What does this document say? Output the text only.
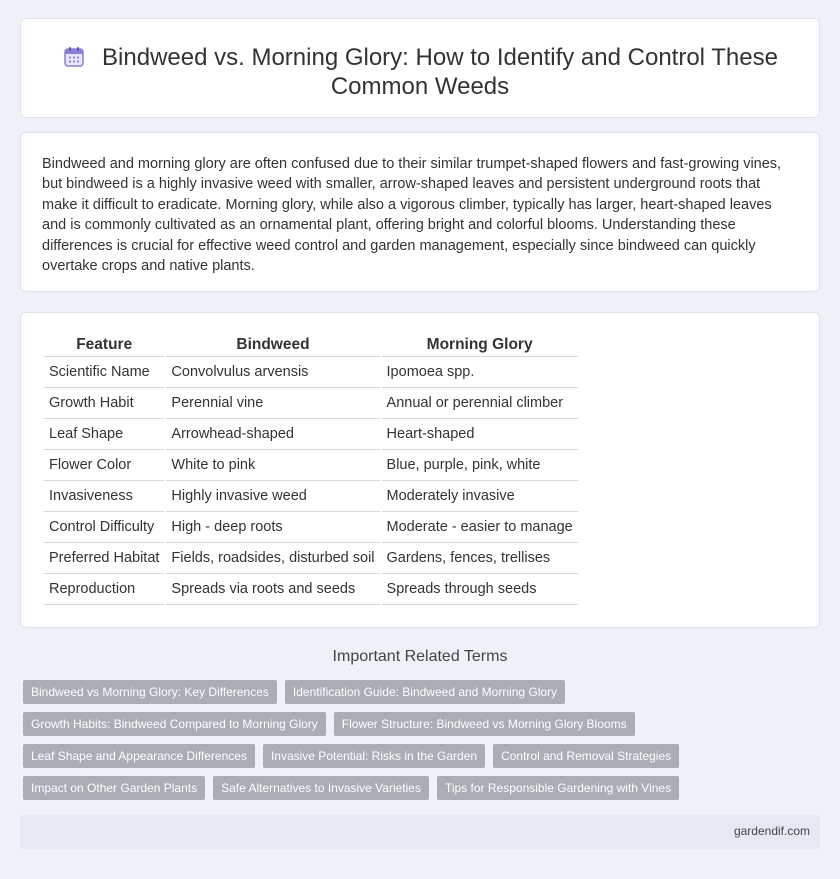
Bindweed vs. Morning Glory: How to Identify and Control These Common Weeds

Bindweed and morning glory are often confused due to their similar trumpet-shaped flowers and fast-growing vines, but bindweed is a highly invasive weed with smaller, arrow-shaped leaves and persistent underground roots that make it difficult to eradicate. Morning glory, while also a vigorous climber, typically has larger, heart-shaped leaves and is commonly cultivated as an ornamental plant, offering bright and colorful blooms. Understanding these differences is crucial for effective weed control and garden management, especially since bindweed can quickly overtake crops and native plants.

Feature	Bindweed	Morning Glory
Scientific Name	Convolvulus arvensis	Ipomoea spp.
Growth Habit	Perennial vine	Annual or perennial climber
Leaf Shape	Arrowhead-shaped	Heart-shaped
Flower Color	White to pink	Blue, purple, pink, white
Invasiveness	Highly invasive weed	Moderately invasive
Control Difficulty	High - deep roots	Moderate - easier to manage
Preferred Habitat	Fields, roadsides, disturbed soil	Gardens, fences, trellises
Reproduction	Spreads via roots and seeds	Spreads through seeds
Important Related Terms
Bindweed vs Morning Glory: Key Differences	Identification Guide: Bindweed and Morning Glory
Growth Habits: Bindweed Compared to Morning Glory	Flower Structure: Bindweed vs Morning Glory Blooms
Leaf Shape and Appearance Differences	Invasive Potential: Risks in the Garden	Control and Removal Strategies
Impact on Other Garden Plants	Safe Alternatives to Invasive Varieties	Tips for Responsible Gardening with Vines
gardendif.com
